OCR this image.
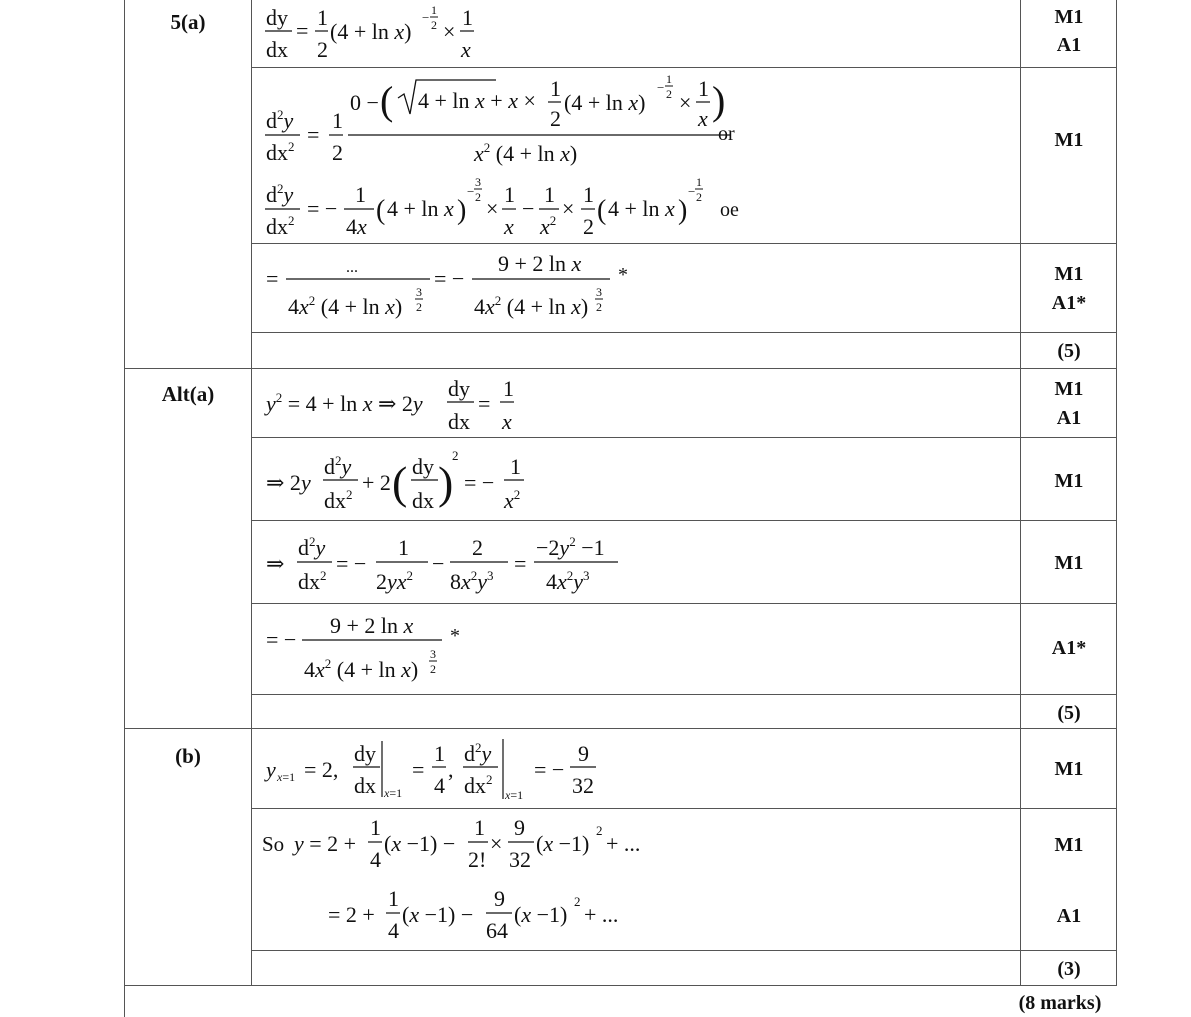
5(a)
Alt(a)
(b)
M1
A1
M1
M1
A1*
(5)
M1
A1
M1
M1
A1*
(5)
M1
M1
A1
(3)
(8 marks)
dy
dx
=
1
2
(4 + ln x)
− 1
2 ×
1
x
$d^2y$
$dx^2$ =
1
2
0 − ( 4 + ln x + x × 1
2
(4 + ln x)
−
1
2 ×
1
x )
$x^2$ (4 + ln x)
or
$d^2y$
$dx^2$ = −
1
4x
( 4 + ln x )
−
3
2 ×
1
x
−
1
$x^2$ ×
1
2
( 4 + ln x )
−
1
2
oe
=	...
$4x^2$ (4 + ln x)
3
2
= −
9 + 2 ln x
$4x^2$ (4 + ln x)
3
2
*
$y^2 = 4 + \ln x$ ⇒ 2y
dy
dx
=
1
x
⇒ 2y
$d^2y$
$dx^2 + 2$ ( dy
dx )
2
= −
1
$x^2$
⇒
$d^2y$
$dx^2$ = −
1
$2yx^2$ −
2
$8x^2y^3$ =
$-2y^2 -1$
$4x^2y^3$
= −
9 + 2 ln x
$4x^2$ (4 + ln x)
3
2
*
y x=1 = 2,
dy
dx x=1
=
1
4
,
$d^2y$
$dx^2$
x=1
= −
9
32
So y = 2 +
1
4
(x −1) −
1
2!
×
9
32
(x −1)
2
+ ...
= 2 +
1
4
(x −1) −
9
64
(x −1)
2
+ ...
